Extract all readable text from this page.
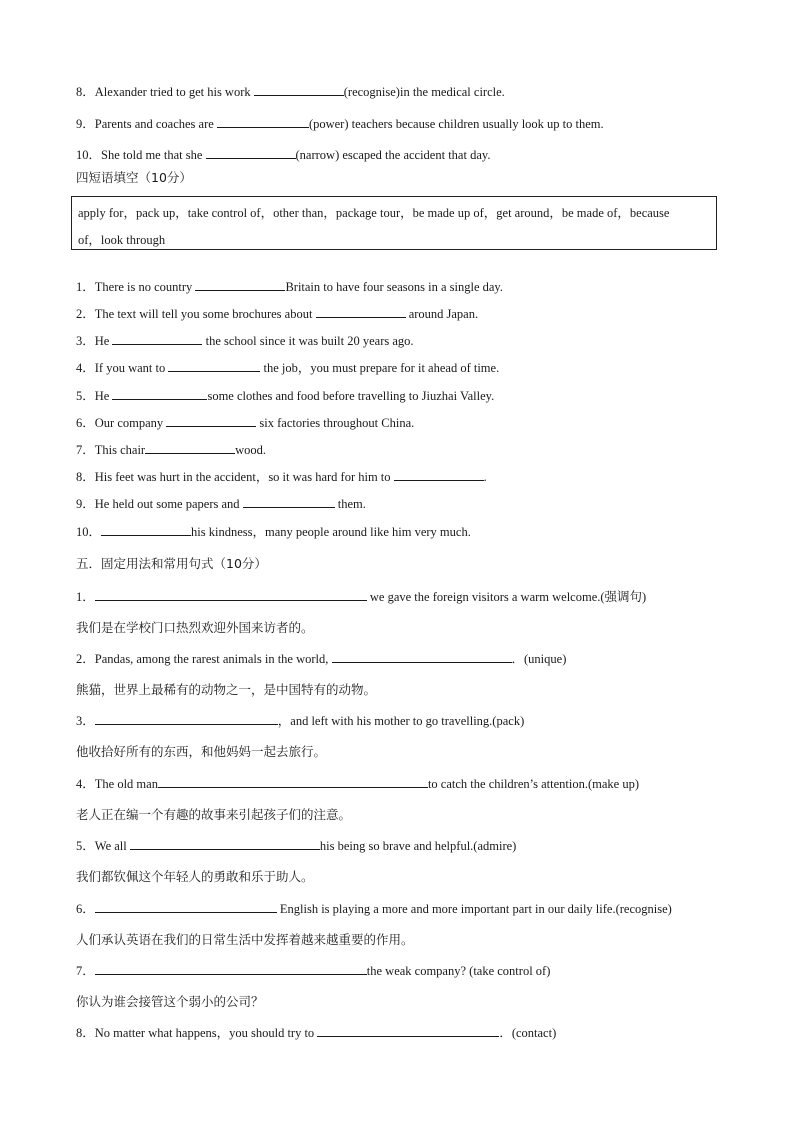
8．Alexander tried to get his work	(recognise)in the medical circle.
9．Parents and coaches are	(power) teachers because children usually look up to them.
10．She told me that she	(narrow) escaped the accident that day.
四短语填空（10分）
apply for，pack up，take control of，other than，package tour，be made up of，get around，be made of，because
of，look through
1．There is no country	Britain to have four seasons in a single day.
2．The text will tell you some brochures about	around Japan.
3．He	the school since it was built 20 years ago.
4．If you want to	the job，you must prepare for it ahead of time.
5．He	some clothes and food before travelling to Jiuzhai Valley.
6．Our company	six factories throughout China.
7．This chair	wood.
8．His feet was hurt in the accident，so it was hard for him to	.
9．He held out some papers and	them.
10．	his kindness，many people around like him very much.
五．固定用法和常用句式（10分）
1．	we gave the foreign visitors a warm welcome.(强调句)
我们是在学校门口热烈欢迎外国来访者的。
2．Pandas, among the rarest animals in the world,	．(unique)
熊猫，世界上最稀有的动物之一，是中国特有的动物。
3．	，and left with his mother to go travelling.(pack)
他收拾好所有的东西，和他妈妈一起去旅行。
4．The old man	to catch the children’s attention.(make up)
老人正在编一个有趣的故事来引起孩子们的注意。
5．We all	his being so brave and helpful.(admire)
我们都钦佩这个年轻人的勇敢和乐于助人。
6．	English is playing a more and more important part in our daily life.(recognise)
人们承认英语在我们的日常生活中发挥着越来越重要的作用。
7．	the weak company? (take control of)
你认为谁会接管这个弱小的公司？
8．No matter what happens，you should try to	．(contact)
